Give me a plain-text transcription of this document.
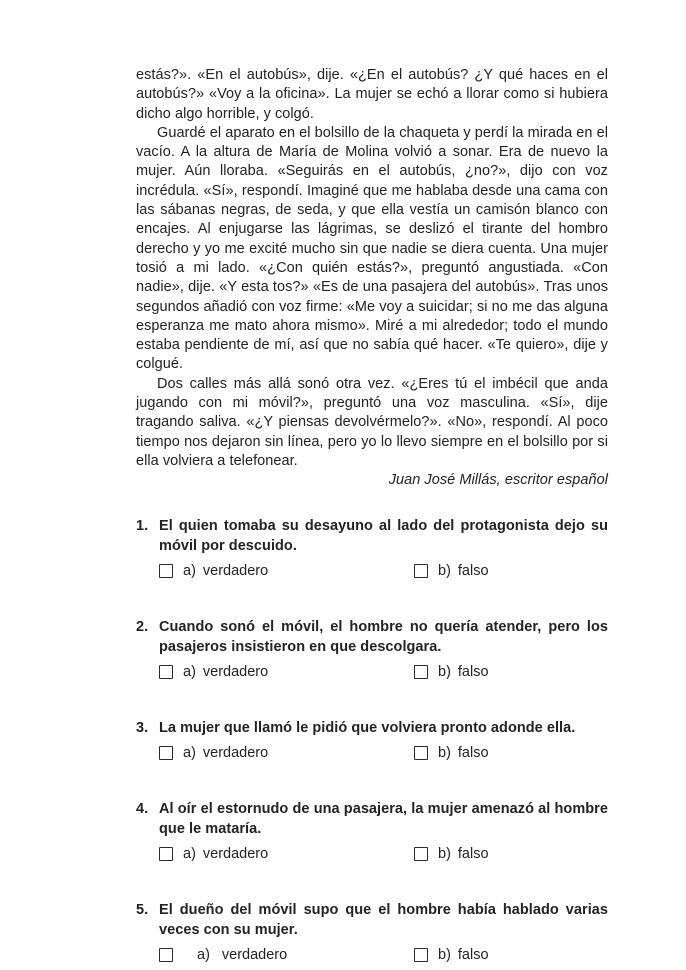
estás?». «En el autobús», dije. «¿En el autobús? ¿Y qué haces en el autobús?» «Voy a la oficina». La mujer se echó a llorar como si hubiera dicho algo horrible, y colgó.

Guardé el aparato en el bolsillo de la chaqueta y perdí la mirada en el vacío. A la altura de María de Molina volvió a sonar. Era de nuevo la mujer. Aún lloraba. «Seguirás en el autobús, ¿no?», dijo con voz incrédula. «Sí», respondí. Imaginé que me hablaba desde una cama con las sábanas negras, de seda, y que ella vestía un camisón blanco con encajes. Al enjugarse las lágrimas, se deslizó el tirante del hombro derecho y yo me excité mucho sin que nadie se diera cuenta. Una mujer tosió a mi lado. «¿Con quién estás?», preguntó angustiada. «Con nadie», dije. «Y esta tos?» «Es de una pasajera del autobús». Tras unos segundos añadió con voz firme: «Me voy a suicidar; si no me das alguna esperanza me mato ahora mismo». Miré a mi alrededor; todo el mundo estaba pendiente de mí, así que no sabía qué hacer. «Te quiero», dije y colgué.

Dos calles más allá sonó otra vez. «¿Eres tú el imbécil que anda jugando con mi móvil?», preguntó una voz masculina. «Sí», dije tragando saliva. «¿Y piensas devolvérmelo?». «No», respondí. Al poco tiempo nos dejaron sin línea, pero yo lo llevo siempre en el bolsillo por si ella volviera a telefonear.

Juan José Millás, escritor español

1. El quien tomaba su desayuno al lado del protagonista dejo su móvil por descuido.
a) verdadero	b) falso
2. Cuando sonó el móvil, el hombre no quería atender, pero los pasajeros insistieron en que descolgara.
a) verdadero	b) falso
3. La mujer que llamó le pidió que volviera pronto adonde ella.
a) verdadero	b) falso
4. Al oír el estornudo de una pasajera, la mujer amenazó al hombre que le mataría.
a) verdadero	b) falso
5. El dueño del móvil supo que el hombre había hablado varias veces con su mujer.
a) verdadero	b) falso
